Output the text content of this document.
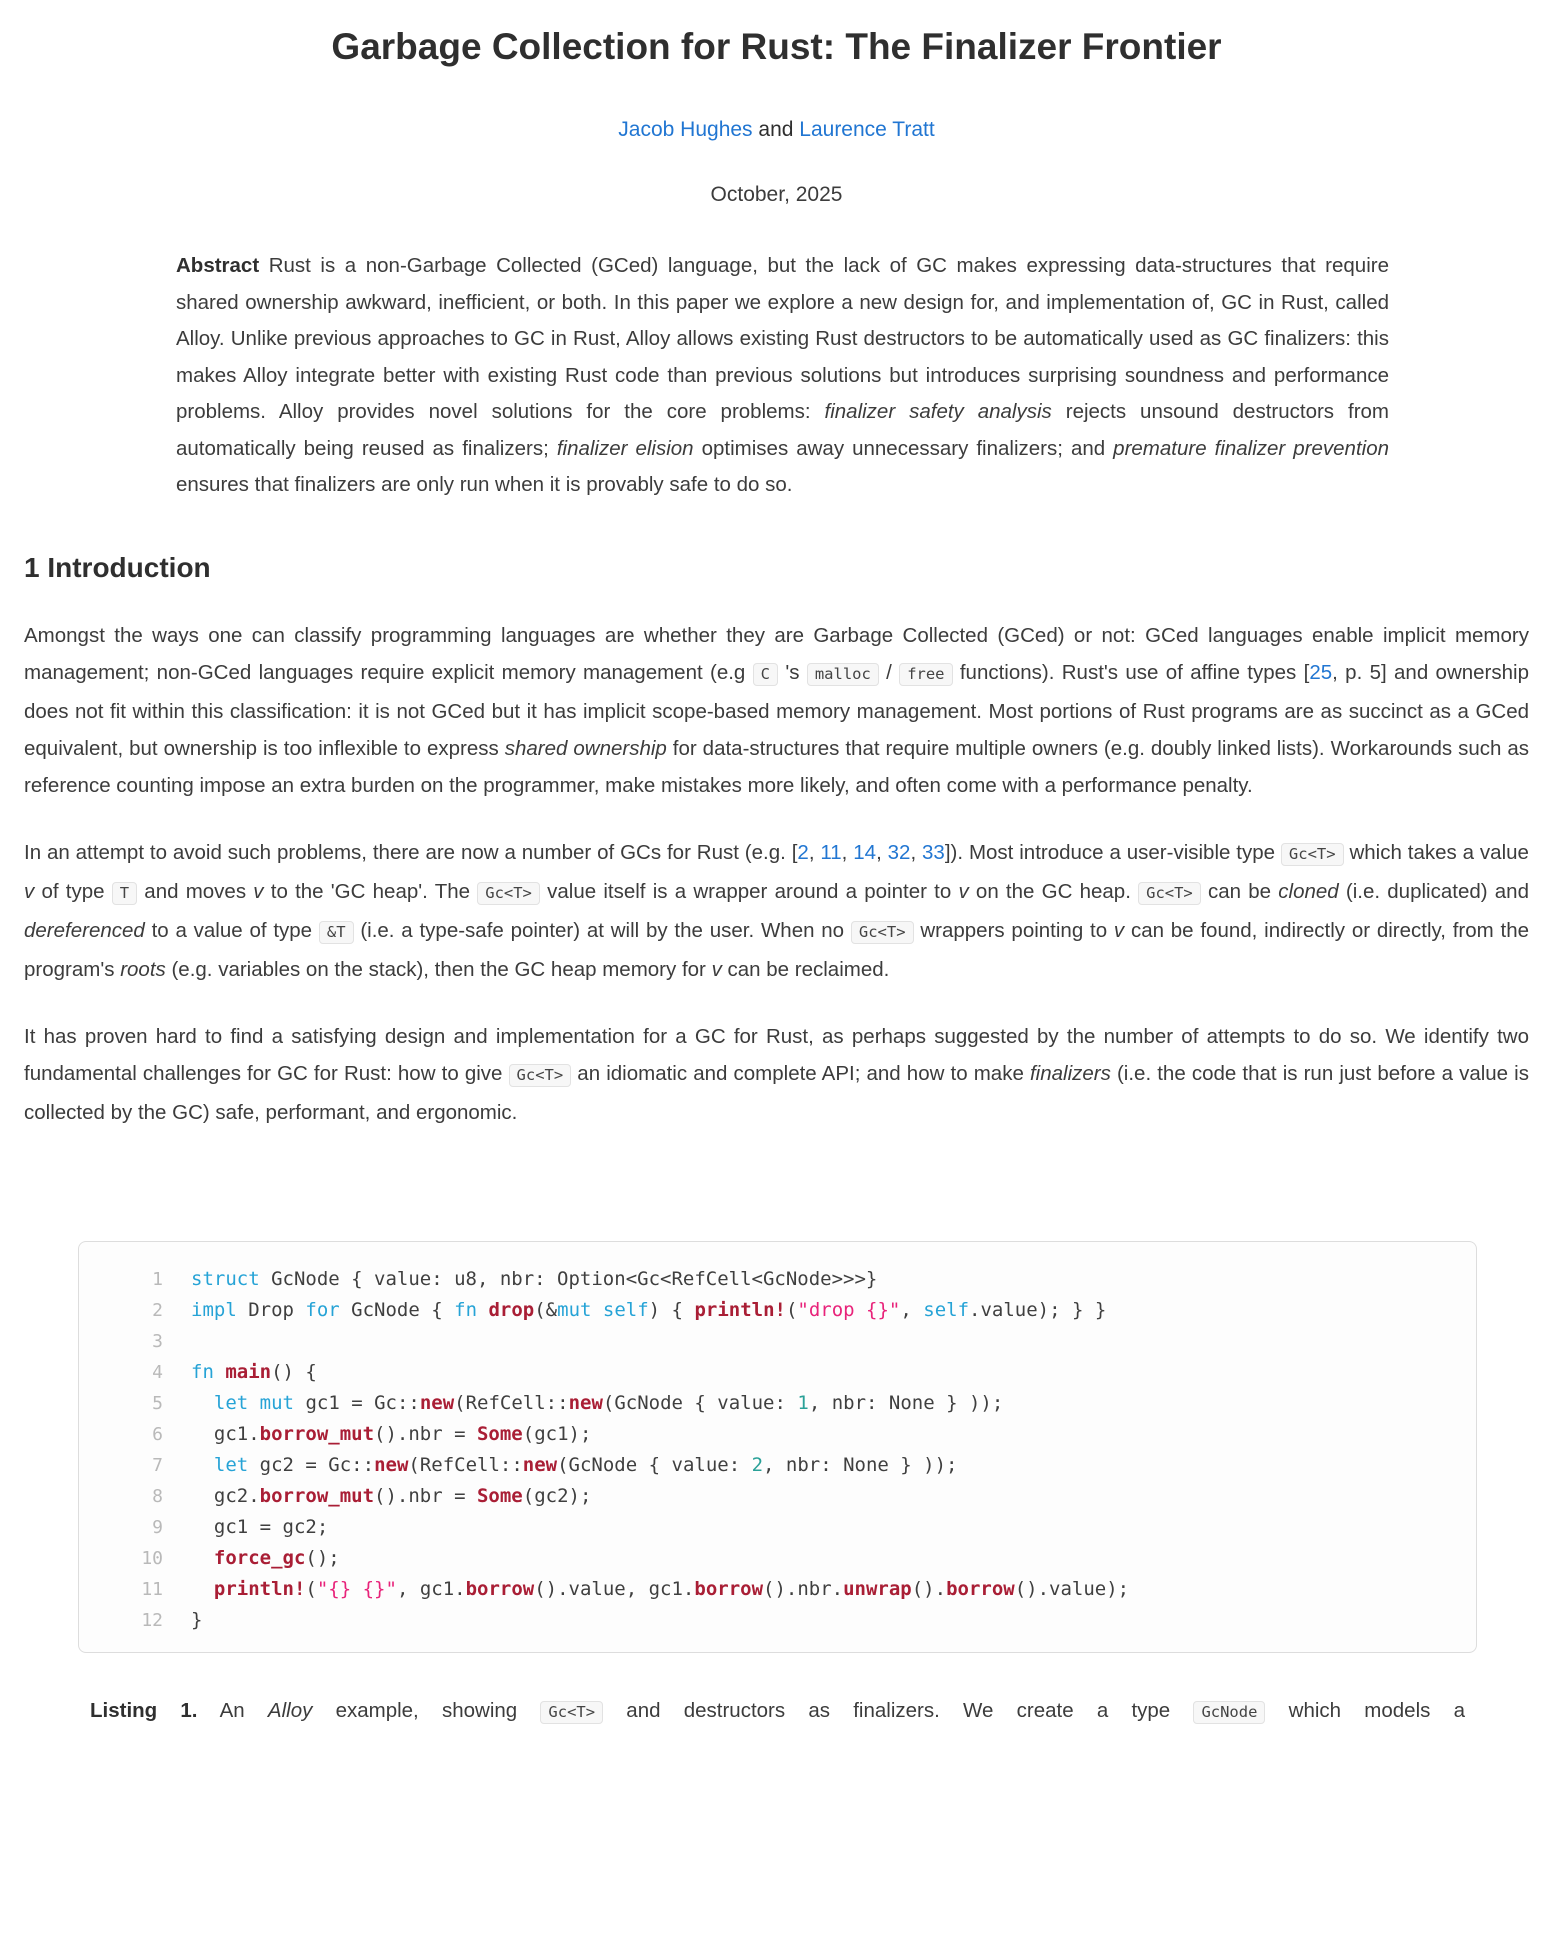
Garbage Collection for Rust: The Finalizer Frontier
Jacob Hughes and Laurence Tratt
October, 2025
Abstract Rust is a non-Garbage Collected (GCed) language, but the lack of GC makes expressing data-structures that require shared ownership awkward, inefficient, or both. In this paper we explore a new design for, and implementation of, GC in Rust, called Alloy. Unlike previous approaches to GC in Rust, Alloy allows existing Rust destructors to be automatically used as GC finalizers: this makes Alloy integrate better with existing Rust code than previous solutions but introduces surprising soundness and performance problems. Alloy provides novel solutions for the core problems: finalizer safety analysis rejects unsound destructors from automatically being reused as finalizers; finalizer elision optimises away unnecessary finalizers; and premature finalizer prevention ensures that finalizers are only run when it is provably safe to do so.
1 Introduction

Amongst the ways one can classify programming languages are whether they are Garbage Collected (GCed) or not: GCed languages enable implicit memory management; non-GCed languages require explicit memory management (e.g C 's malloc / free functions). Rust's use of affine types [25, p. 5] and ownership does not fit within this classification: it is not GCed but it has implicit scope-based memory management. Most portions of Rust programs are as succinct as a GCed equivalent, but ownership is too inflexible to express shared ownership for data-structures that require multiple owners (e.g. doubly linked lists). Workarounds such as reference counting impose an extra burden on the programmer, make mistakes more likely, and often come with a performance penalty.

In an attempt to avoid such problems, there are now a number of GCs for Rust (e.g. [2, 11, 14, 32, 33]). Most introduce a user-visible type Gc<T> which takes a value v of type T and moves v to the 'GC heap'. The Gc<T> value itself is a wrapper around a pointer to v on the GC heap. Gc<T> can be cloned (i.e. duplicated) and dereferenced to a value of type &T (i.e. a type-safe pointer) at will by the user. When no Gc<T> wrappers pointing to v can be found, indirectly or directly, from the program's roots (e.g. variables on the stack), then the GC heap memory for v can be reclaimed.

It has proven hard to find a satisfying design and implementation for a GC for Rust, as perhaps suggested by the number of attempts to do so. We identify two fundamental challenges for GC for Rust: how to give Gc<T> an idiomatic and complete API; and how to make finalizers (i.e. the code that is run just before a value is collected by the GC) safe, performant, and ergonomic.

1	struct GcNode { value: u8, nbr: Option<Gc<RefCell<GcNode>>>}
2	impl Drop for GcNode { fn drop(&mut self) { println!("drop {}", self.value); } }
3
4	fn main() {
5	let mut gc1 = Gc::new(RefCell::new(GcNode { value: 1, nbr: None } ));
6	gc1.borrow_mut().nbr = Some(gc1);
7	let gc2 = Gc::new(RefCell::new(GcNode { value: 2, nbr: None } ));
8	gc2.borrow_mut().nbr = Some(gc2);
9	gc1 = gc2;
10	force_gc();
11	println!("{} {}", gc1.borrow().value, gc1.borrow().nbr.unwrap().borrow().value);
12	}

Listing 1. An Alloy example, showing Gc<T> and destructors as finalizers. We create a type GcNode which models a
